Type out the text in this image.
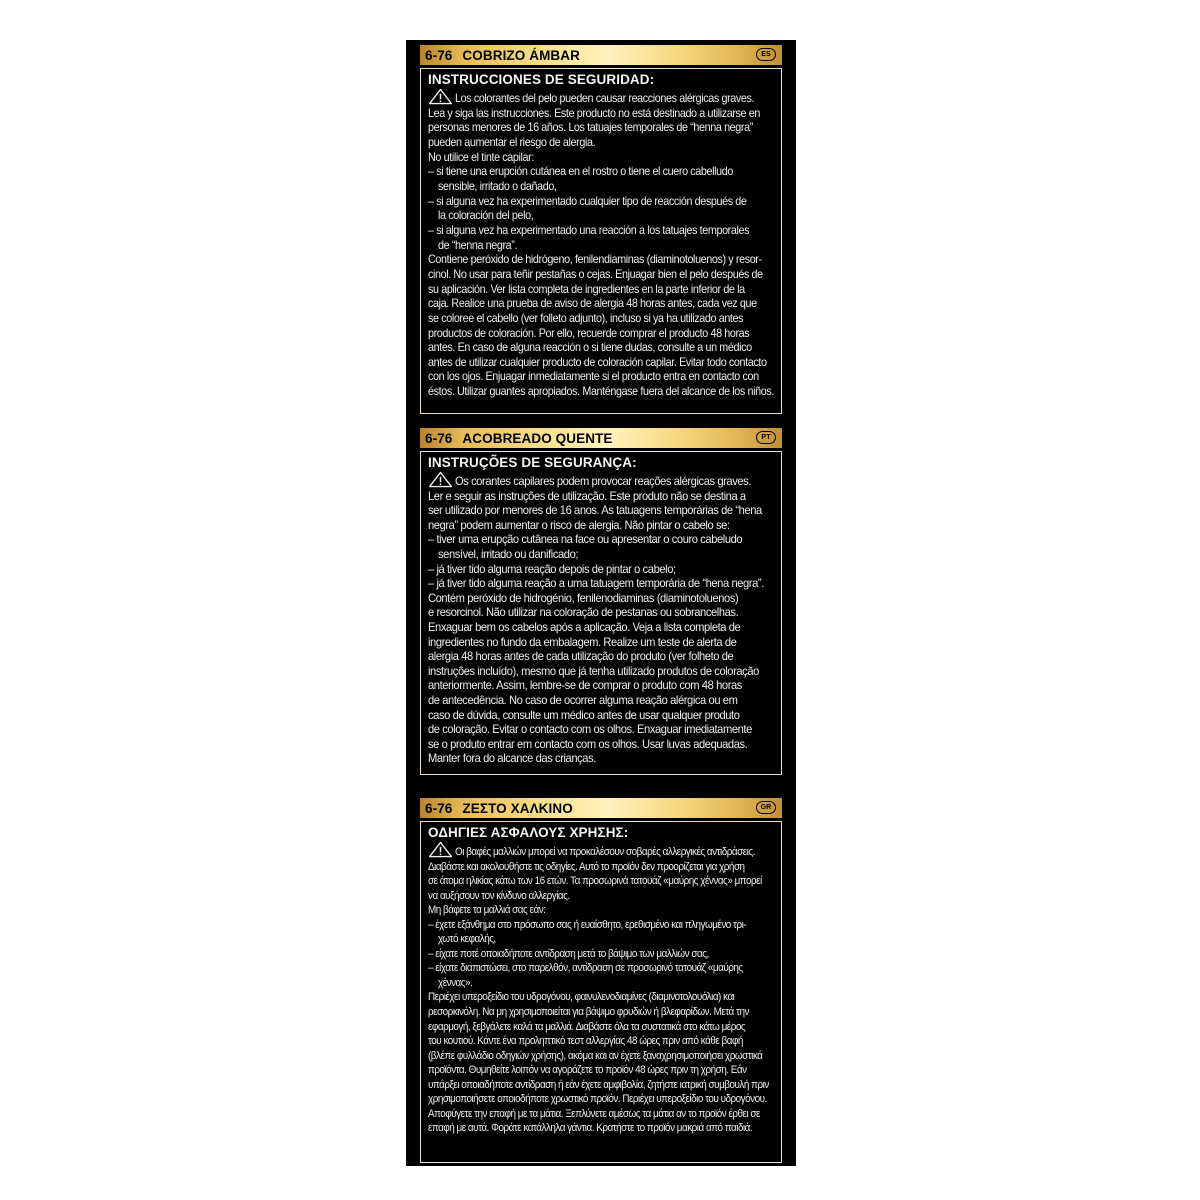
6-76 COBRIZO ÁMBAR	ES
INSTRUCCIONES DE SEGURIDAD:
Los colorantes del pelo pueden causar reacciones alérgicas graves.
Lea y siga las instrucciones. Este producto no está destinado a utilizarse en
personas menores de 16 años. Los tatuajes temporales de “henna negra”
pueden aumentar el riesgo de alergia.
No utilice el tinte capilar:
– si tiene una erupción cutánea en el rostro o tiene el cuero cabelludo
sensible, irritado o dañado,
– si alguna vez ha experimentado cualquier tipo de reacción después de
la coloración del pelo,
– si alguna vez ha experimentado una reacción a los tatuajes temporales
de “henna negra”.
Contiene peróxido de hidrógeno, fenilendiaminas (diaminotoluenos) y resor-
cinol. No usar para teñir pestañas o cejas. Enjuagar bien el pelo después de
su aplicación. Ver lista completa de ingredientes en la parte inferior de la
caja. Realice una prueba de aviso de alergia 48 horas antes, cada vez que
se coloree el cabello (ver folleto adjunto), incluso si ya ha utilizado antes
productos de coloración. Por ello, recuerde comprar el producto 48 horas
antes. En caso de alguna reacción o si tiene dudas, consulte a un médico
antes de utilizar cualquier producto de coloración capilar. Evitar todo contacto
con los ojos. Enjuagar inmediatamente si el producto entra en contacto con
éstos. Utilizar guantes apropiados. Manténgase fuera del alcance de los niños.
6-76 ACOBREADO QUENTE	PT
INSTRUÇÕES DE SEGURANÇA:
Os corantes capilares podem provocar reações alérgicas graves.
Ler e seguir as instruções de utilização. Este produto não se destina a
ser utilizado por menores de 16 anos. As tatuagens temporárias de “hena
negra” podem aumentar o risco de alergia. Não pintar o cabelo se:
– tiver uma erupção cutânea na face ou apresentar o couro cabeludo
sensível, irritado ou danificado;
– já tiver tido alguma reação depois de pintar o cabelo;
– já tiver tido alguma reação a uma tatuagem temporária de “hena negra”.
Contém peróxido de hidrogénio, fenilenodiaminas (diaminotoluenos)
e resorcinol. Não utilizar na coloração de pestanas ou sobrancelhas.
Enxaguar bem os cabelos após a aplicação. Veja a lista completa de
ingredientes no fundo da embalagem. Realize um teste de alerta de
alergia 48 horas antes de cada utilização do produto (ver folheto de
instruções incluído), mesmo que já tenha utilizado produtos de coloração
anteriormente. Assim, lembre-se de comprar o produto com 48 horas
de antecedência. No caso de ocorrer alguma reação alérgica ou em
caso de dúvida, consulte um médico antes de usar qualquer produto
de coloração. Evitar o contacto com os olhos. Enxaguar imediatamente
se o produto entrar em contacto com os olhos. Usar luvas adequadas.
Manter fora do alcance das crianças.
6-76 ΖΕΣΤΟ ΧΑΛΚΙΝΟ	GR
ΟΔΗΓΙΕΣ ΑΣΦΑΛΟΥΣ ΧΡΗΣΗΣ:
Οι βαφές μαλλιών μπορεί να προκαλέσουν σοβαρές αλλεργικές αντιδράσεις.
Διαβάστε και ακολουθήστε τις οδηγίες. Αυτό το προϊόν δεν προορίζεται για χρήση
σε άτομα ηλικίας κάτω των 16 ετών. Τα προσωρινά τατουάζ «μαύρης χέννας» μπορεί
να αυξήσουν τον κίνδυνο αλλεργίας.
Μη βάφετε τα μαλλιά σας εάν:
– έχετε εξάνθημα στο πρόσωπο σας ή ευαίσθητο, ερεθισμένο και πληγωμένο τρι-
χωτό κεφαλής,
– είχατε ποτέ οποιαδήποτε αντίδραση μετά το βάψιμο των μαλλιών σας,
– είχατε διαπιστώσει, στο παρελθόν, αντίδραση σε προσωρινό τατουάζ «μαύρης
χέννας».
Περιέχει υπεροξείδιο του υδρογόνου, φαινυλενοδιαμίνες (διαμινοτολουόλια) και
ρεσορκινόλη. Να μη χρησιμοποιείται για βάψιμο φρυδιών ή βλεφαρίδων. Μετά την
εφαρμογή, ξεβγάλετε καλά τα μαλλιά. Διαβάστε όλα τα συστατικά στο κάτω μέρος
του κουτιού. Κάντε ένα προληπτικό τεστ αλλεργίας 48 ώρες πριν από κάθε βαφή
(βλέπε φυλλάδιο οδηγιών χρήσης), ακόμα και αν έχετε ξαναχρησιμοποιήσει χρωστικά
προϊόντα. Θυμηθείτε λοιπόν να αγοράζετε το προϊόν 48 ώρες πριν τη χρήση. Εάν
υπάρξει οποιαδήποτε αντίδραση ή εάν έχετε αμφιβολία, ζητήστε ιατρική συμβουλή πριν
χρησιμοποιήσετε οποιοδήποτε χρωστικό προϊόν. Περιέχει υπεροξείδιο του υδρογόνου.
Αποφύγετε την επαφή με τα μάτια. Ξεπλύνετε αμέσως τα μάτια αν το προϊόν έρθει σε
επαφή με αυτά. Φοράτε κατάλληλα γάντια. Κρατήστε το προϊόν μακριά από παιδιά.
